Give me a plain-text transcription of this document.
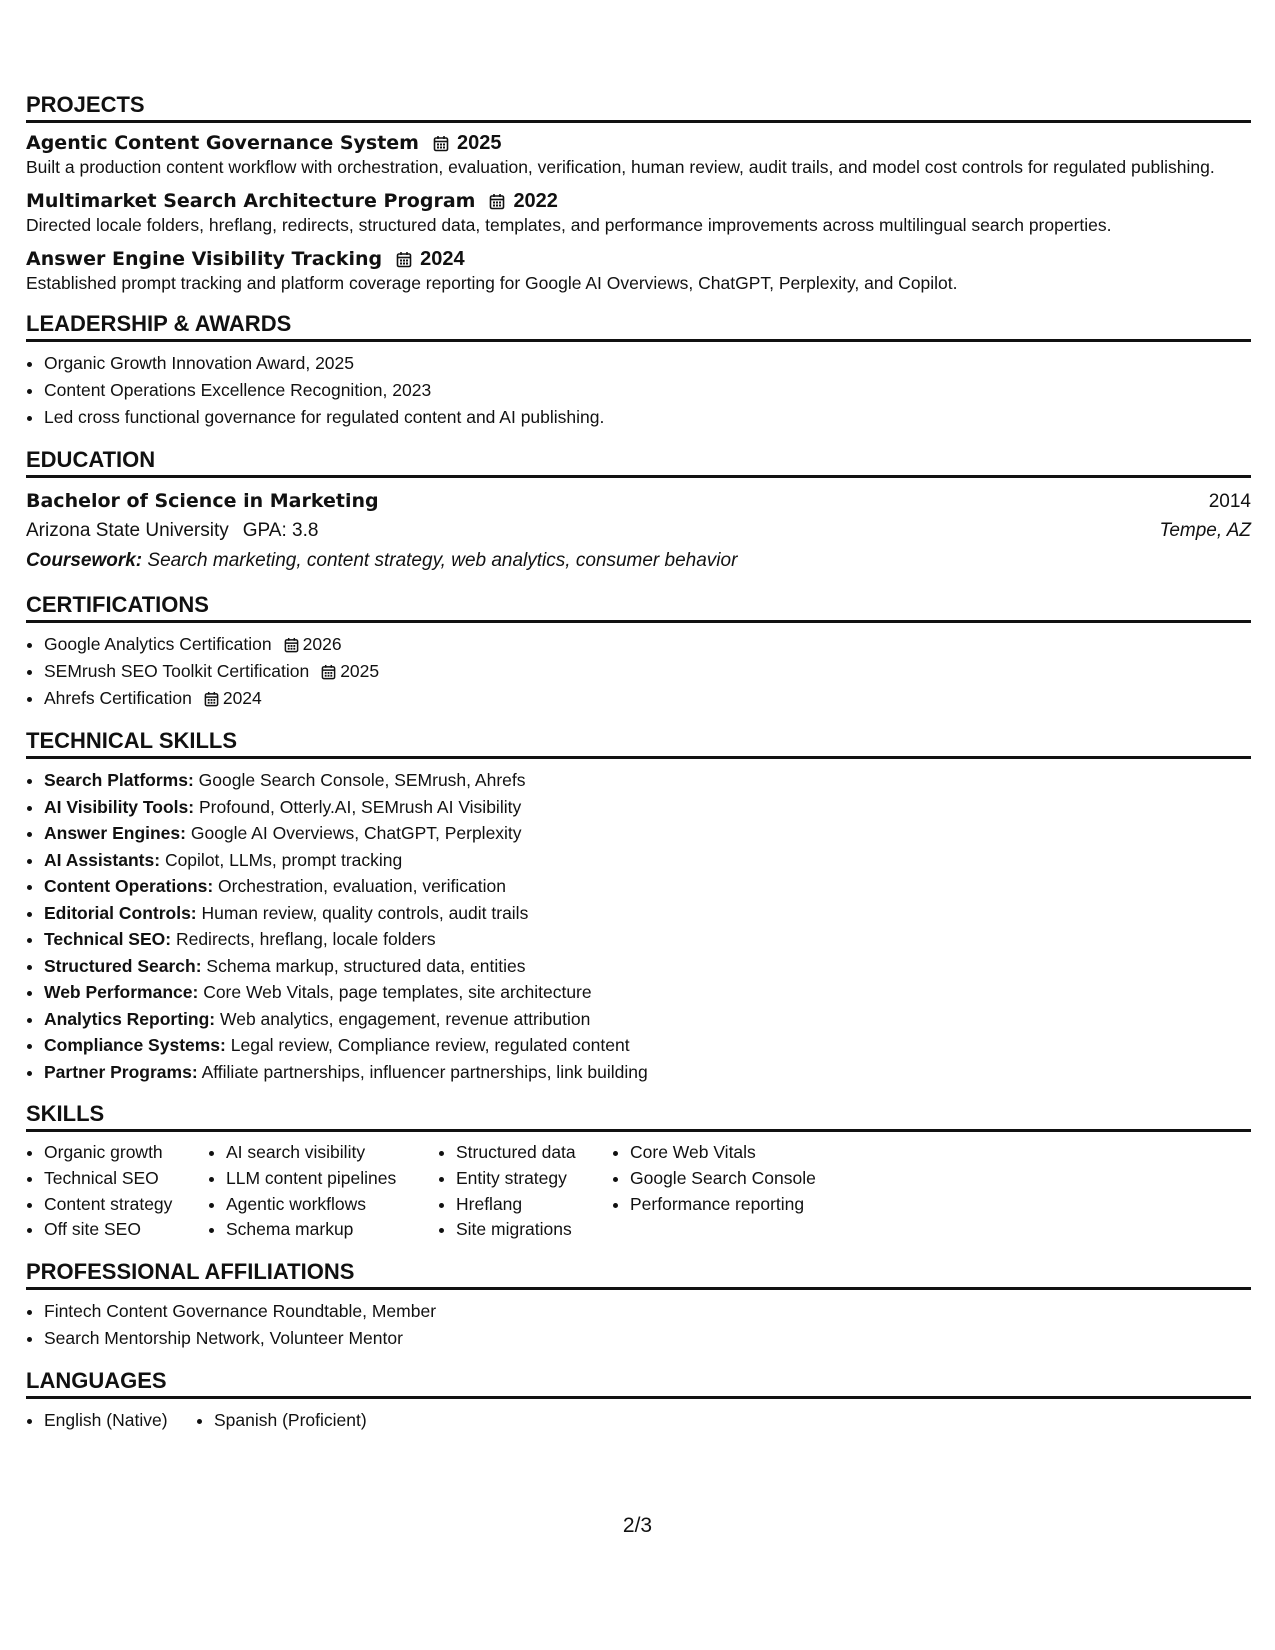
PROJECTS
Agentic Content Governance System 2025
Built a production content workflow with orchestration, evaluation, verification, human review, audit trails, and model cost controls for regulated publishing.
Multimarket Search Architecture Program 2022
Directed locale folders, hreflang, redirects, structured data, templates, and performance improvements across multilingual search properties.
Answer Engine Visibility Tracking 2024
Established prompt tracking and platform coverage reporting for Google AI Overviews, ChatGPT, Perplexity, and Copilot.
LEADERSHIP & AWARDS
• Organic Growth Innovation Award, 2025
• Content Operations Excellence Recognition, 2023
• Led cross functional governance for regulated content and AI publishing.
EDUCATION
Bachelor of Science in Marketing	2014
Arizona State University GPA: 3.8	Tempe, AZ
Coursework: Search marketing, content strategy, web analytics, consumer behavior
CERTIFICATIONS
• Google Analytics Certification 2026
• SEMrush SEO Toolkit Certification 2025
• Ahrefs Certification 2024
TECHNICAL SKILLS
• Search Platforms: Google Search Console, SEMrush, Ahrefs
• AI Visibility Tools: Profound, Otterly.AI, SEMrush AI Visibility
• Answer Engines: Google AI Overviews, ChatGPT, Perplexity
• AI Assistants: Copilot, LLMs, prompt tracking
• Content Operations: Orchestration, evaluation, verification
• Editorial Controls: Human review, quality controls, audit trails
• Technical SEO: Redirects, hreflang, locale folders
• Structured Search: Schema markup, structured data, entities
• Web Performance: Core Web Vitals, page templates, site architecture
• Analytics Reporting: Web analytics, engagement, revenue attribution
• Compliance Systems: Legal review, Compliance review, regulated content
• Partner Programs: Affiliate partnerships, influencer partnerships, link building
SKILLS
• Organic growth
• Technical SEO
• Content strategy
• Off site SEO
• AI search visibility
• LLM content pipelines
• Agentic workflows
• Schema markup
• Structured data
• Entity strategy
• Hreflang
• Site migrations
• Core Web Vitals
• Google Search Console
• Performance reporting
PROFESSIONAL AFFILIATIONS
• Fintech Content Governance Roundtable, Member
• Search Mentorship Network, Volunteer Mentor
LANGUAGES
• English (Native)
•	Spanish (Proficient)
2/3
